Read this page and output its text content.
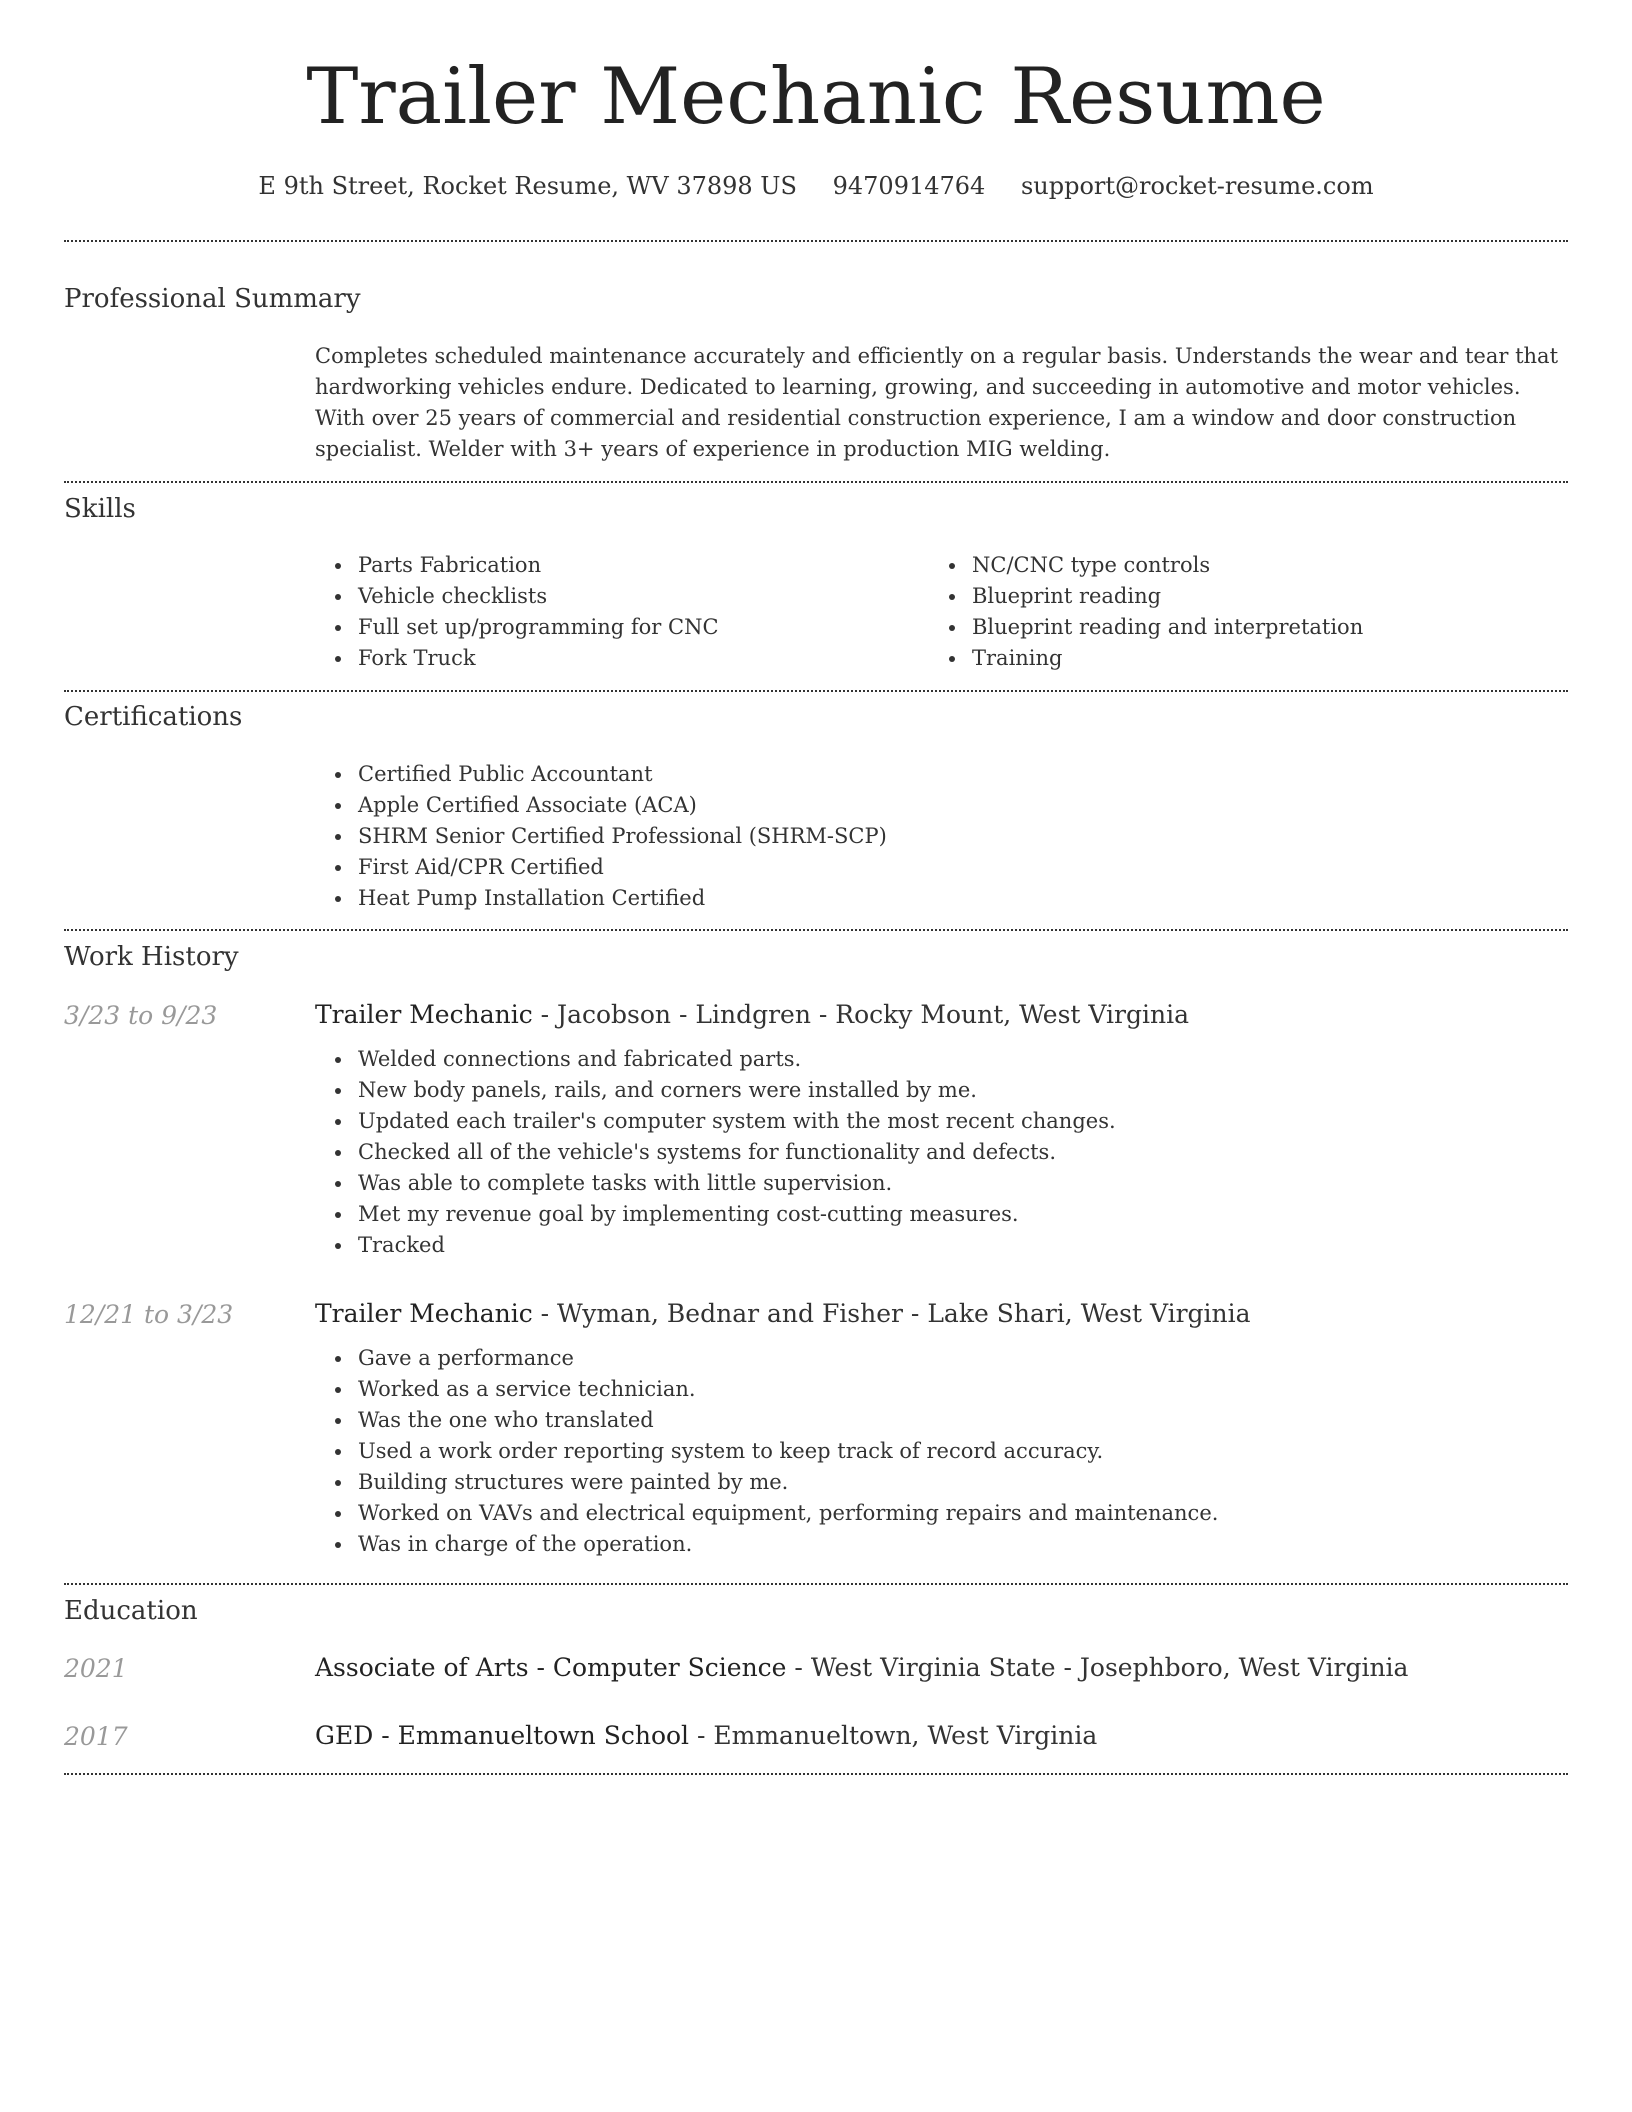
Trailer Mechanic Resume
E 9th Street, Rocket Resume, WV 37898 US 9470914764 support@rocket-resume.com
Professional Summary

Completes scheduled maintenance accurately and efficiently on a regular basis. Understands the wear and tear that hardworking vehicles endure. Dedicated to learning, growing, and succeeding in automotive and motor vehicles. With over 25 years of commercial and residential construction experience, I am a window and door construction specialist. Welder with 3+ years of experience in production MIG welding.

Skills
Parts Fabrication
Vehicle checklists
Full set up/programming for CNC
Fork Truck
NC/CNC type controls
Blueprint reading
Blueprint reading and interpretation
Training
Certifications
Certified Public Accountant
Apple Certified Associate (ACA)
SHRM Senior Certified Professional (SHRM-SCP)
First Aid/CPR Certified
Heat Pump Installation Certified
Work History
3/23 to 9/23	Trailer Mechanic - Jacobson - Lindgren - Rocky Mount, West Virginia
Welded connections and fabricated parts.
New body panels, rails, and corners were installed by me.
Updated each trailer's computer system with the most recent changes.
Checked all of the vehicle's systems for functionality and defects.
Was able to complete tasks with little supervision.
Met my revenue goal by implementing cost-cutting measures.
Tracked
12/21 to 3/23	Trailer Mechanic - Wyman, Bednar and Fisher - Lake Shari, West Virginia
Gave a performance
Worked as a service technician.
Was the one who translated
Used a work order reporting system to keep track of record accuracy.
Building structures were painted by me.
Worked on VAVs and electrical equipment, performing repairs and maintenance.
Was in charge of the operation.
Education
2021	Associate of Arts - Computer Science - West Virginia State - Josephboro, West Virginia
2017	GED - Emmanueltown School - Emmanueltown, West Virginia
